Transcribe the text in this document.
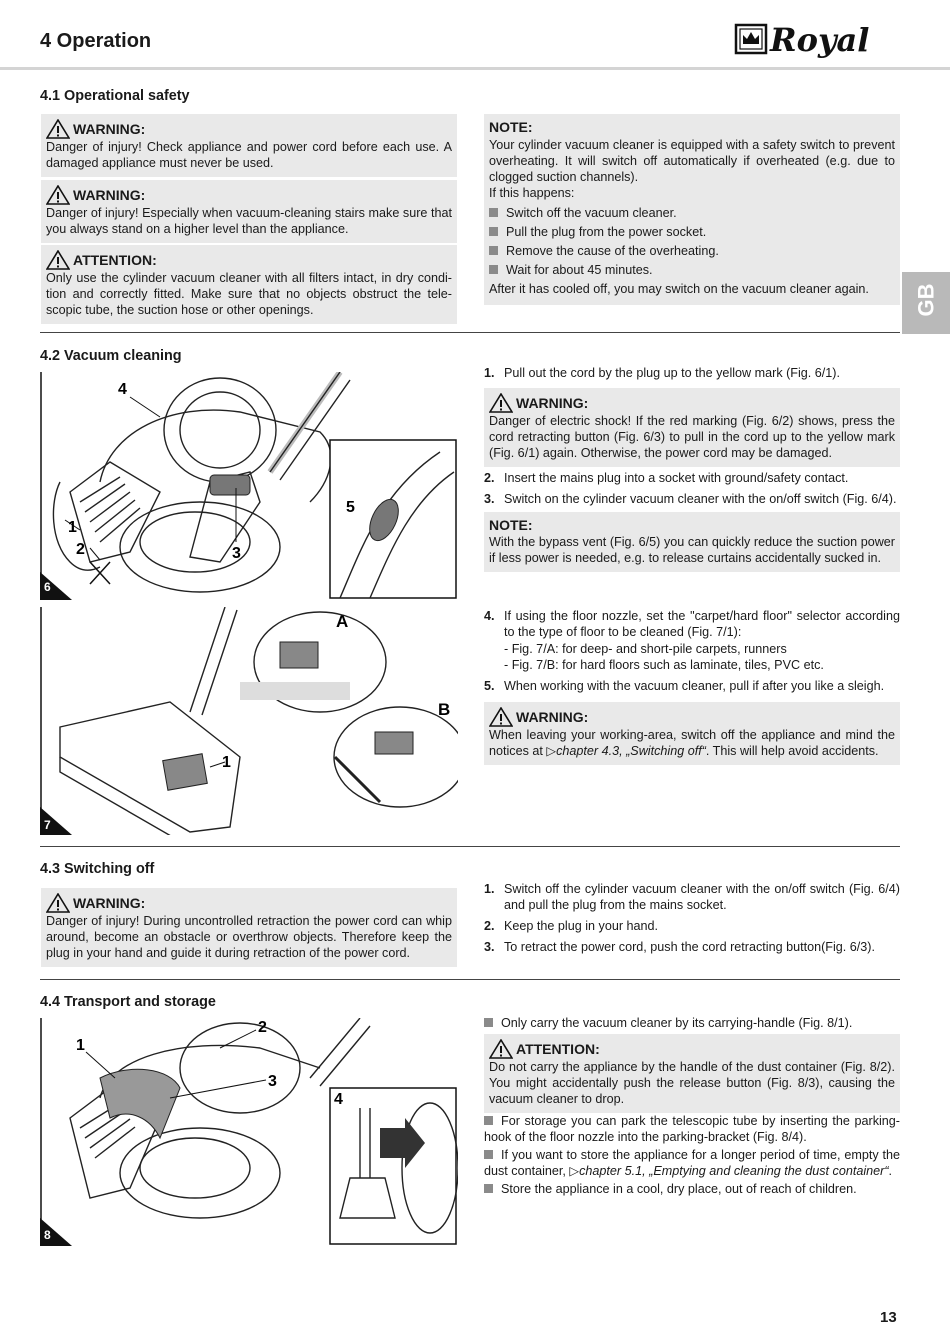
4 Operation	Royal
GB
4.1 Operational safety
WARNING:
Danger of injury! Check appliance and power cord before each use. A damaged appliance must never be used.
WARNING:
Danger of injury! Especially when vacuum-cleaning stairs make sure that you always stand on a higher level than the appliance.
ATTENTION:
Only use the cylinder vacuum cleaner with all filters intact, in dry condi-tion and correctly fitted. Make sure that no objects obstruct the tele-scopic tube, the suction hose or other openings.
NOTE:
Your cylinder vacuum cleaner is equipped with a safety switch to prevent overheating. It will switch off automatically if overheated (e.g. due to clogged suction channels).
If this happens:
Switch off the vacuum cleaner.
Pull the plug from the power socket.
Remove the cause of the overheating.
Wait for about 45 minutes.
After it has cooled off, you may switch on the vacuum cleaner again.
4.2 Vacuum cleaning
4
1
2	3
5
6
A
B
1
7
1. Pull out the cord by the plug up to the yellow mark (Fig. 6/1).
WARNING:
Danger of electric shock! If the red marking (Fig. 6/2) shows, press the cord retracting button (Fig. 6/3) to pull in the cord up to the yellow mark (Fig. 6/1) again. Otherwise, the power cord may be damaged.
2. Insert the mains plug into a socket with ground/safety contact.
3. Switch on the cylinder vacuum cleaner with the on/off switch (Fig. 6/4).
NOTE:
With the bypass vent (Fig. 6/5) you can quickly reduce the suction power if less power is needed, e.g. to release curtains accidentally sucked in.
4. If using the floor nozzle, set the "carpet/hard floor" selector according to the type of floor to be cleaned (Fig. 7/1):
- Fig. 7/A: for deep- and short-pile carpets, runners
- Fig. 7/B: for hard floors such as laminate, tiles, PVC etc.
5. When working with the vacuum cleaner, pull if after you like a sleigh.
WARNING:
When leaving your working-area, switch off the appliance and mind the notices at ▷chapter 4.3, „Switching off“. This will help avoid accidents.
4.3 Switching off
WARNING:
Danger of injury! During uncontrolled retraction the power cord can whip around, become an obstacle or overthrow objects. Therefore keep the plug in your hand and guide it during retraction of the power cord.
1. Switch off the cylinder vacuum cleaner with the on/off switch (Fig. 6/4) and pull the plug from the mains socket.
2. Keep the plug in your hand.
3. To retract the power cord, push the cord retracting button(Fig. 6/3).
4.4 Transport and storage
1
2
3
4
8
Only carry the vacuum cleaner by its carrying-handle (Fig. 8/1).
ATTENTION:
Do not carry the appliance by the handle of the dust container (Fig. 8/2). You might accidentally push the release button (Fig. 8/3), causing the vacuum cleaner to drop.
For storage you can park the telescopic tube by inserting the parking-hook of the floor nozzle into the parking-bracket (Fig. 8/4).
If you want to store the appliance for a longer period of time, empty the dust container, ▷chapter 5.1, „Emptying and cleaning the dust container“.
Store the appliance in a cool, dry place, out of reach of children.
13
